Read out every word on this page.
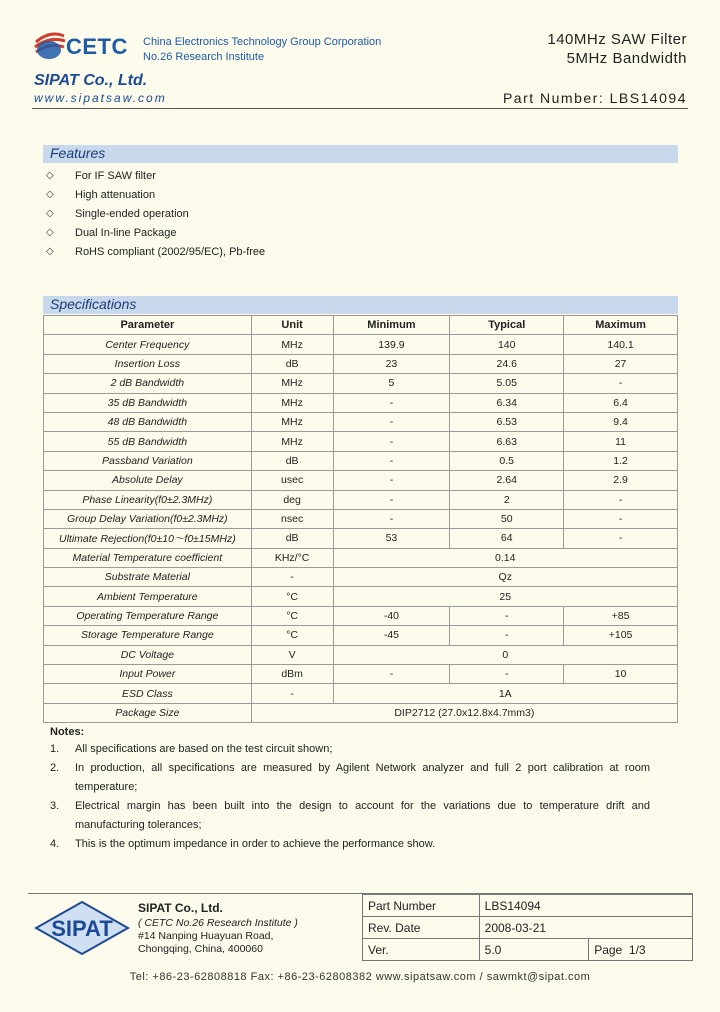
CETC China Electronics Technology Group Corporation
No.26 Research Institute
140MHz SAW Filter
5MHz Bandwidth
SIPAT Co., Ltd.
www.sipatsaw.com	Part Number: LBS14094
Features
◇	For IF SAW filter
◇	High attenuation
◇	Single-ended operation
◇	Dual In-line Package
◇	RoHS compliant (2002/95/EC), Pb-free
Specifications
Parameter	Unit	Minimum	Typical	Maximum
Center Frequency	MHz	139.9	140	140.1
Insertion Loss	dB	23	24.6	27
2 dB Bandwidth	MHz	5	5.05	-
35 dB Bandwidth	MHz	-	6.34	6.4
48 dB Bandwidth	MHz	-	6.53	9.4
55 dB Bandwidth	MHz	-	6.63	11
Passband Variation	dB	-	0.5	1.2
Absolute Delay	usec	-	2.64	2.9
Phase Linearity(f0±2.3MHz)	deg	-	2	-
Group Delay Variation(f0±2.3MHz)	nsec	-	50	-
Ultimate Rejection(f0±10～f0±15MHz)	dB	53	64	-
Material Temperature coefficient	KHz/°C	0.14		
Substrate Material	-	Qz		
Ambient Temperature	°C	25		
Operating Temperature Range	°C	-40	-	+85
Storage Temperature Range	°C	-45	-	+105
DC Voltage	V	0		
Input Power	dBm	-	-	10
ESD Class	-	1A		
Package Size	DIP2712 (27.0x12.8x4.7mm3)			
Notes:
1.	All specifications are based on the test circuit shown;
2.	In production, all specifications are measured by Agilent Network analyzer and full 2 port calibration at room temperature;
3.	Electrical margin has been built into the design to account for the variations due to temperature drift and manufacturing tolerances;
4.	This is the optimum impedance in order to achieve the performance show.
SIPAT
SIPAT Co., Ltd.
( CETC No.26 Research Institute )
#14 Nanping Huayuan Road,
Chongqing, China, 400060
Part Number	LBS14094	
Rev. Date	2008-03-21	
Ver.	5.0	Page 1/3
Tel: +86-23-62808818 Fax: +86-23-62808382 www.sipatsaw.com / sawmkt@sipat.com
